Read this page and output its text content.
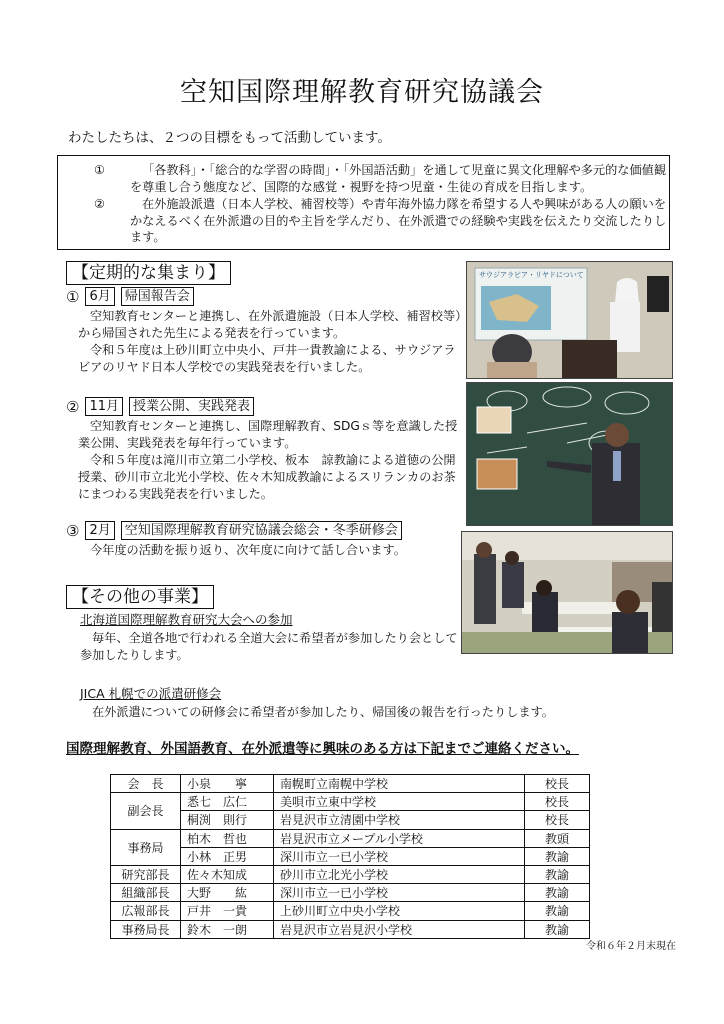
空知国際理解教育研究協議会
わたしたちは、２つの目標をもって活動しています。
①	「各教科」・「総合的な学習の時間」・「外国語活動」を通して児童に異文化理解や多元的な価値観を尊重し合う態度など、国際的な感覚・視野を持つ児童・生徒の育成を目指します。
②	在外施設派遣（日本人学校、補習校等）や青年海外協力隊を希望する人や興味がある人の願いをかなえるべく在外派遣の目的や主旨を学んだり、在外派遣での経験や実践を伝えたり交流したりします。
【定期的な集まり】
① 6月	帰国報告会

空知教育センターと連携し、在外派遣施設（日本人学校、補習校等）から帰国された先生による発表を行っています。

令和５年度は上砂川町立中央小、戸井一貴教諭による、サウジアラビアのリヤド日本人学校での実践発表を行いました。

② 11月	授業公開、実践発表

空知教育センターと連携し、国際理解教育、SDGｓ等を意識した授業公開、実践発表を毎年行っています。

令和５年度は滝川市立第二小学校、板本　諒教諭による道徳の公開授業、砂川市立北光小学校、佐々木知成教諭によるスリランカのお茶にまつわる実践発表を行いました。

③ 2月	空知国際理解教育研究協議会総会・冬季研修会

今年度の活動を振り返り、次年度に向けて話し合います。

【その他の事業】
北海道国際理解教育研究大会への参加
毎年、全道各地で行われる全道大会に希望者が参加したり会として参加したりします。
JICA 札幌での派遣研修会
在外派遣についての研修会に希望者が参加したり、帰国後の報告を行ったりします。
国際理解教育、外国語教育、在外派遣等に興味のある方は下記までご連絡ください。
サウジアラビア・リヤドについて
会　長	小泉　　寧	南幌町立南幌中学校	校長
副会長	悉七　広仁	美唄市立東中学校	校長
	桐渕　則行	岩見沢市立清園中学校	校長
事務局	柏木　哲也	岩見沢市立メープル小学校	教頭
	小林　正男	深川市立一已小学校	教諭
研究部長	佐々木知成	砂川市立北光小学校	教諭
組織部長	大野　　紘	深川市立一已小学校	教諭
広報部長	戸井　一貴	上砂川町立中央小学校	教諭
事務局長	鈴木　一朗	岩見沢市立岩見沢小学校	教諭
令和６年２月末現在
